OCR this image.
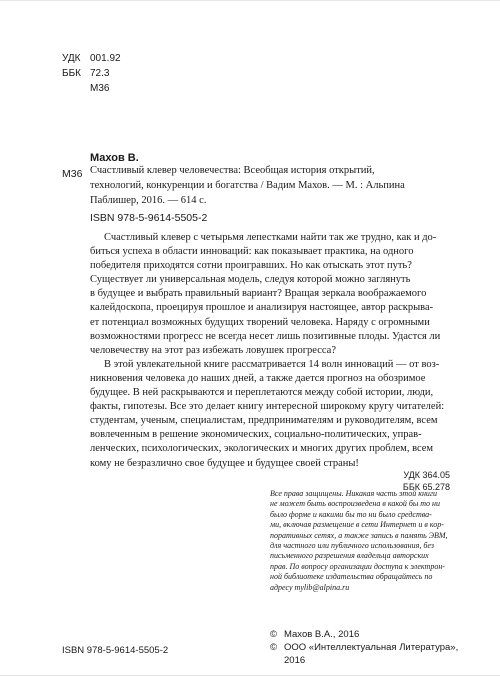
УДК 001.92
ББК 72.3
М36
Махов В.
М36 Счастливый клевер человечества: Всеобщая история открытий,
технологий, конкуренции и богатства / Вадим Махов. — М. : Альпина
Паблишер, 2016. — 614 с.
ISBN 978-5-9614-5505-2
Счастливый клевер с четырьмя лепестками найти так же трудно, как и до-
биться успеха в области инноваций: как показывает практика, на одного
победителя приходятся сотни проигравших. Но как отыскать этот путь?
Существует ли универсальная модель, следуя которой можно заглянуть
в будущее и выбрать правильный вариант? Вращая зеркала воображаемого
калейдоскопа, проецируя прошлое и анализируя настоящее, автор раскрыва-
ет потенциал возможных будущих творений человека. Наряду с огромными
возможностями прогресс не всегда несет лишь позитивные плоды. Удастся ли
человечеству на этот раз избежать ловушек прогресса?
В этой увлекательной книге рассматривается 14 волн инноваций — от воз-
никновения человека до наших дней, а также дается прогноз на обозримое
будущее. В ней раскрываются и переплетаются между собой истории, люди,
факты, гипотезы. Все это делает книгу интересной широкому кругу читателей:
студентам, ученым, специалистам, предпринимателям и руководителям, всем
вовлеченным в решение экономических, социально-политических, управ-
ленческих, психологических, экологических и многих других проблем, всем
кому не безразлично свое будущее и будущее своей страны!
УДК 364.05
ББК 65.278
Все права защищены. Никакая часть этой книги
не может быть воспроизведена в какой бы то ни
было форме и какими бы то ни было средства-
ми, включая размещение в сети Интернет и в кор-
поративных сетях, а также запись в память ЭВМ,
для частного или публичного использования, без
письменного разрешения владельца авторских
прав. По вопросу организации доступа к электрон-
ной библиотеке издательства обращайтесь по
адресу mylib@alpina.ru
ISBN 978-5-9614-5505-2
© Махов В.А., 2016
© ООО «Интеллектуальная Литература»,
2016
